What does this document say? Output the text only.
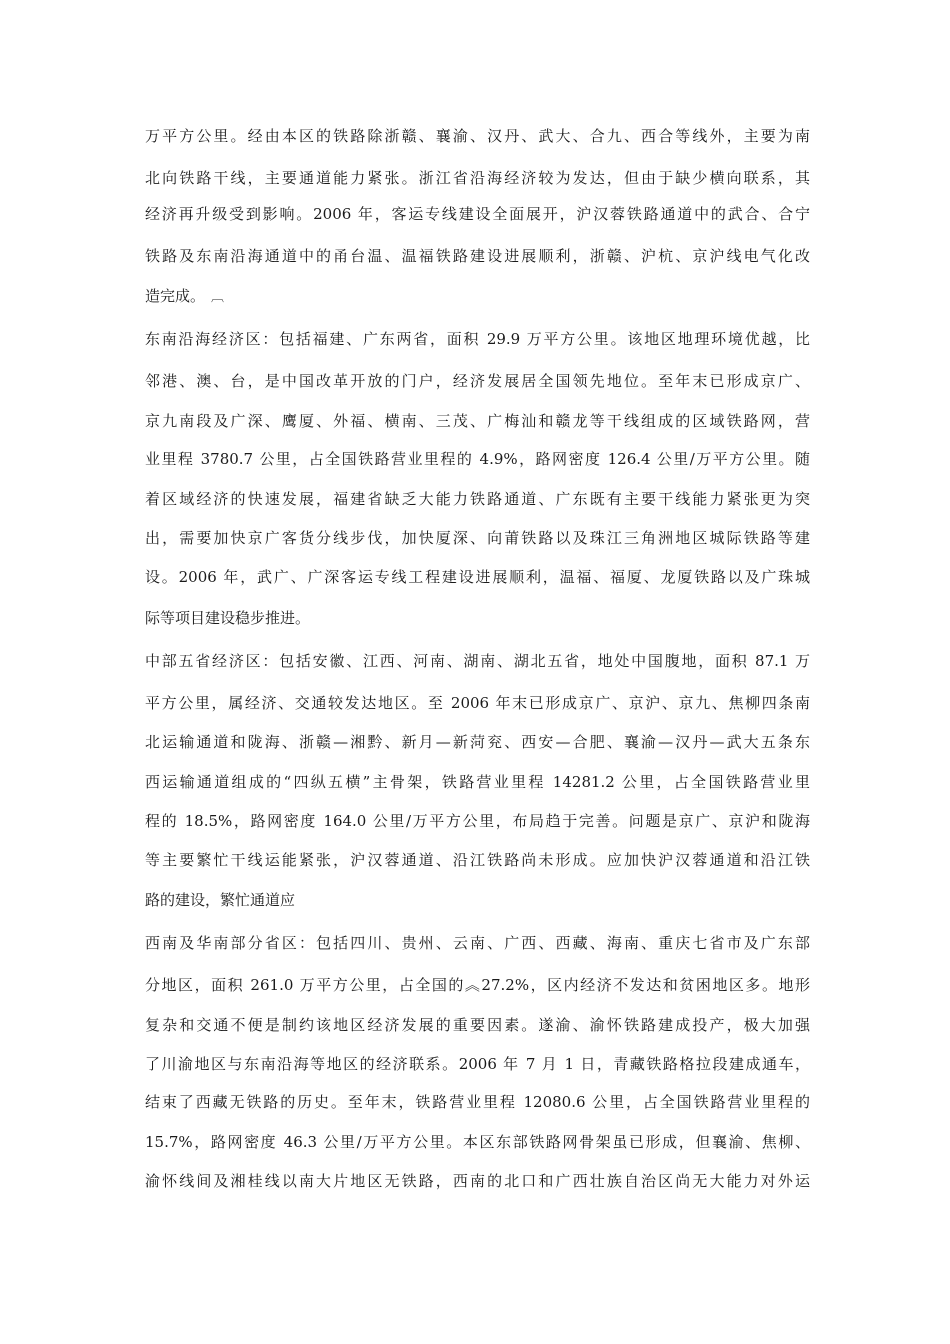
万平方公里。经由本区的铁路除浙赣、襄渝、汉丹、武大、合九、西合等线外，主要为南
北向铁路干线，主要通道能力紧张。浙江省沿海经济较为发达，但由于缺少横向联系，其
经济再升级受到影响。2006 年，客运专线建设全面展开，沪汉蓉铁路通道中的武合、合宁
铁路及东南沿海通道中的甬台温、温福铁路建设进展顺利，浙赣、沪杭、京沪线电气化改
造完成。 ︹
东南沿海经济区：包括福建、广东两省，面积 29.9 万平方公里。该地区地理环境优越，比
邻港、澳、台，是中国改革开放的门户，经济发展居全国领先地位。至年末已形成京广、
京九南段及广深、鹰厦、外福、横南、三茂、广梅汕和赣龙等干线组成的区域铁路网，营
业里程 3780.7 公里，占全国铁路营业里程的 4.9%，路网密度 126.4 公里/万平方公里。随
着区域经济的快速发展，福建省缺乏大能力铁路通道、广东既有主要干线能力紧张更为突
出，需要加快京广客货分线步伐，加快厦深、向莆铁路以及珠江三角洲地区城际铁路等建
设。2006 年，武广、广深客运专线工程建设进展顺利，温福、福厦、龙厦铁路以及广珠城
际等项目建设稳步推进。
中部五省经济区：包括安徽、江西、河南、湖南、湖北五省，地处中国腹地，面积 87.1 万
平方公里，属经济、交通较发达地区。至 2006 年末已形成京广、京沪、京九、焦柳四条南
北运输通道和陇海、浙赣—湘黔、新月—新菏兖、西安—合肥、襄渝—汉丹—武大五条东
西运输通道组成的“四纵五横”主骨架，铁路营业里程 14281.2 公里，占全国铁路营业里
程的 18.5%，路网密度 164.0 公里/万平方公里，布局趋于完善。问题是京广、京沪和陇海
等主要繁忙干线运能紧张，沪汉蓉通道、沿江铁路尚未形成。应加快沪汉蓉通道和沿江铁
路的建设，繁忙通道应
西南及华南部分省区：包括四川、贵州、云南、广西、西藏、海南、重庆七省市及广东部
分地区，面积 261.0 万平方公里，占全国的︽27.2%，区内经济不发达和贫困地区多。地形
复杂和交通不便是制约该地区经济发展的重要因素。遂渝、渝怀铁路建成投产，极大加强
了川渝地区与东南沿海等地区的经济联系。2006 年 7 月 1 日，青藏铁路格拉段建成通车，
结束了西藏无铁路的历史。至年末，铁路营业里程 12080.6 公里，占全国铁路营业里程的
15.7%，路网密度 46.3 公里/万平方公里。本区东部铁路网骨架虽已形成，但襄渝、焦柳、
渝怀线间及湘桂线以南大片地区无铁路，西南的北口和广西壮族自治区尚无大能力对外运
